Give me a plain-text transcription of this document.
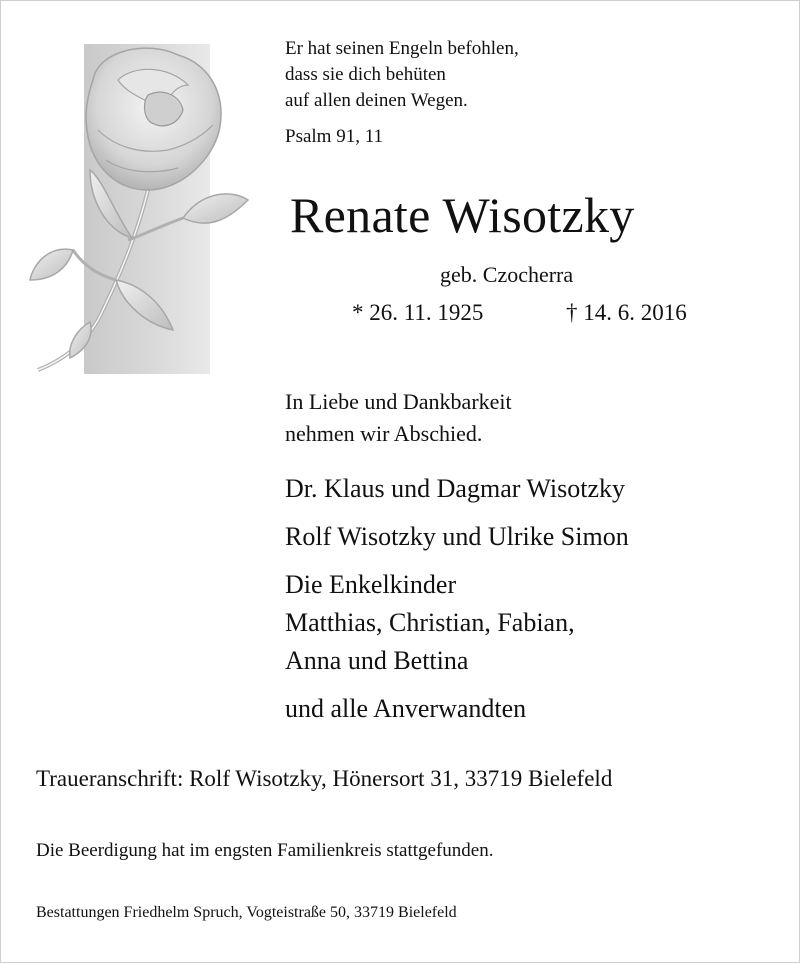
Er hat seinen Engeln befohlen,
dass sie dich behüten
auf allen deinen Wegen.
Psalm 91, 11
Renate Wisotzky
geb. Czocherra
* 26. 11. 1925	† 14. 6. 2016
In Liebe und Dankbarkeit
nehmen wir Abschied.
Dr. Klaus und Dagmar Wisotzky
Rolf Wisotzky und Ulrike Simon
Die Enkelkinder
Matthias, Christian, Fabian,
Anna und Bettina
und alle Anverwandten
Traueranschrift: Rolf Wisotzky, Hönersort 31, 33719 Bielefeld
Die Beerdigung hat im engsten Familienkreis stattgefunden.
Bestattungen Friedhelm Spruch, Vogteistraße 50, 33719 Bielefeld
